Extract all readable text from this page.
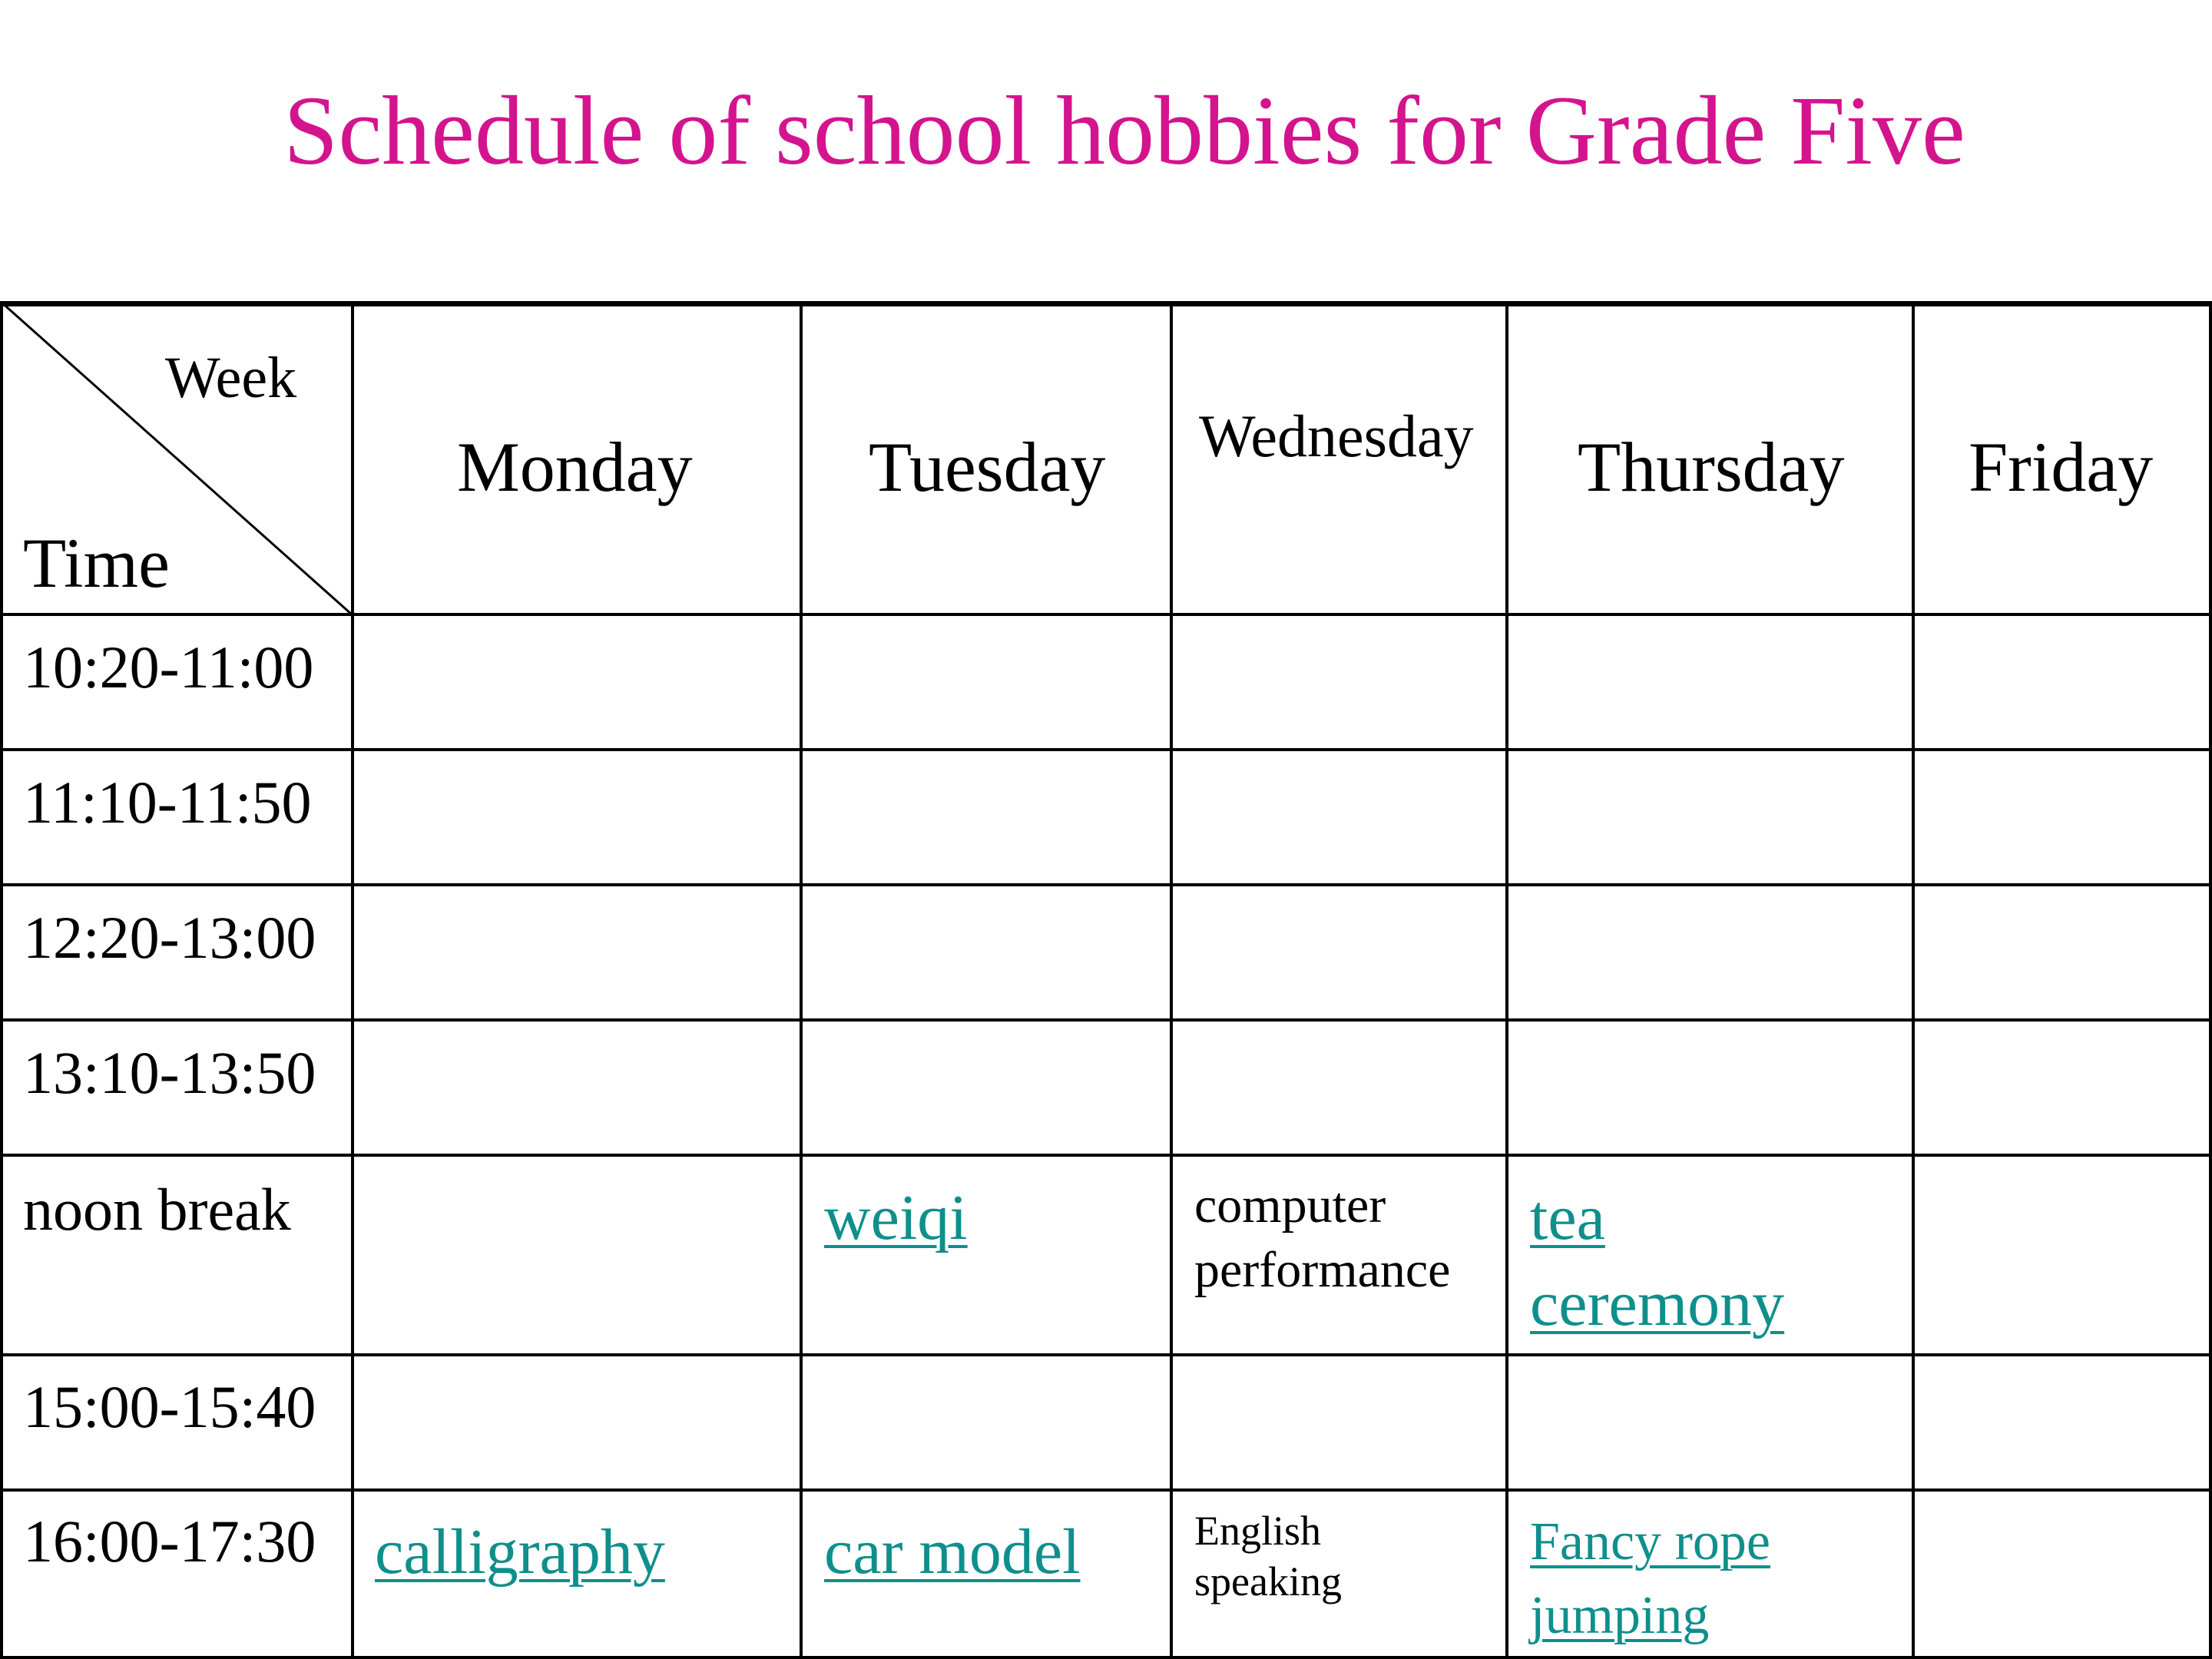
Schedule of school hobbies for Grade Five
Week
Time
Monday Tuesday Wednesday Thursday Friday
10:20-11:00
11:10-11:50
12:20-13:00
13:10-13:50
noon break
15:00-15:40
16:00-17:30
weiqi	computer performance
tea ceremony
calligraphy car model	English speaking
Fancy rope jumping
